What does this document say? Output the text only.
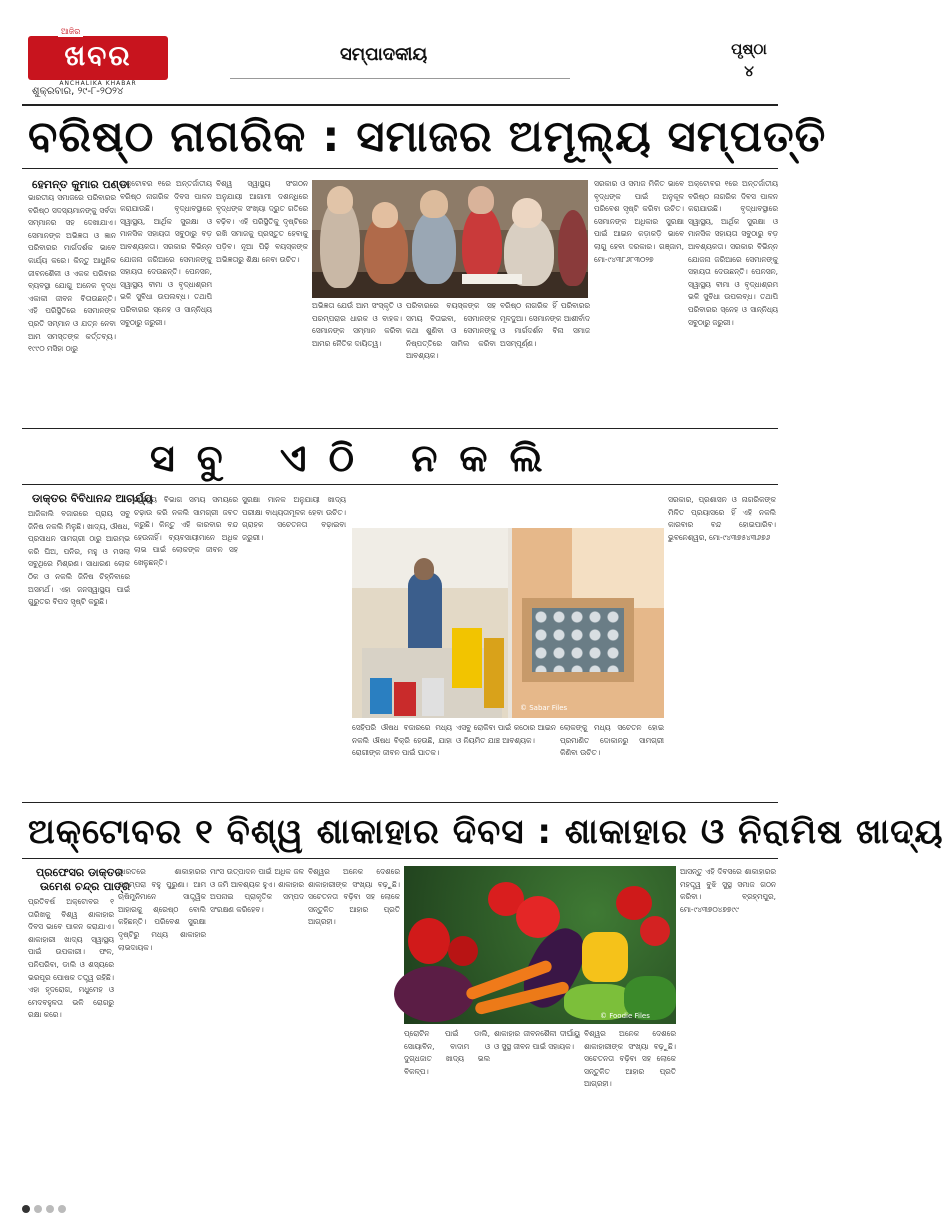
ଆଜିର
ଖବର
ANCHALIKA KHABAR
ଶୁକ୍ରବାର, ୨୯-୮-୨୦୨୪
ସମ୍ପାଦକୀୟ	ପୃଷ୍ଠା
୪
ବରିଷ୍ଠ ନାଗରିକ : ସମାଜର ଅମୂଲ୍ୟ ସମ୍ପତ୍ତି
ହେମନ୍ତ କୁମାର ପଣ୍ଡା
ଭାରତୀୟ ସମାଜରେ ପରିବାରର ବରିଷ୍ଠ ସଦସ୍ୟମାନଙ୍କୁ ସର୍ବଦା ସମ୍ମାନର ସହ ଦେଖାଯାଏ। ସେମାନଙ୍କ ଅଭିଜ୍ଞତା ଓ ଜ୍ଞାନ ପରିବାରର ମାର୍ଗଦର୍ଶକ ଭାବେ କାର୍ଯ୍ୟ କରେ। କିନ୍ତୁ ଆଧୁନିକ ଜୀବନଶୈଳୀ ଓ ଏକକ ପରିବାର ବ୍ୟବସ୍ଥା ଯୋଗୁ ଅନେକ ବୃଦ୍ଧ ଏକାକୀ ଜୀବନ ବିତାଉଛନ୍ତି। ଏହି ପରିସ୍ଥିତିରେ ସେମାନଙ୍କ ପ୍ରତି ସମ୍ମାନ ଓ ଯତ୍ନ ନେବା ଆମ ସମସ୍ତଙ୍କ କର୍ତ୍ତବ୍ୟ। ୧୯୯୦ ମସିହା ଠାରୁ
ଅକ୍ଟୋବର ୧ରେ ଅନ୍ତର୍ଜାତୀୟ ବରିଷ୍ଠ ନାଗରିକ ଦିବସ ପାଳନ କରାଯାଉଛି। ବୃଦ୍ଧାବସ୍ଥାରେ ସ୍ୱାସ୍ଥ୍ୟ, ଆର୍ଥିକ ସୁରକ୍ଷା ଓ ମାନସିକ ସହାୟତା ସବୁଠାରୁ ବଡ଼ ଆବଶ୍ୟକତା। ସରକାର ବିଭିନ୍ନ ଯୋଜନା ଜରିଆରେ ସେମାନଙ୍କୁ ସହାୟତା ଦେଉଛନ୍ତି। ପେନସନ, ସ୍ୱାସ୍ଥ୍ୟ ବୀମା ଓ ବୃଦ୍ଧାଶ୍ରମ ଭଳି ସୁବିଧା ଉପଲବ୍ଧ। ତଥାପି ପରିବାରର ସ୍ନେହ ଓ ସାନ୍ନିଧ୍ୟ ସବୁଠାରୁ ଜରୁରୀ।
ବିଶ୍ୱ ସ୍ୱାସ୍ଥ୍ୟ ସଂଗଠନ ଅନୁଯାୟୀ ଆଗାମୀ ଦଶନ୍ଧିରେ ବୃଦ୍ଧଙ୍କ ସଂଖ୍ୟା ଦ୍ରୁତ ଗତିରେ ବଢ଼ିବ। ଏହି ପରିସ୍ଥିତିକୁ ଦୃଷ୍ଟିରେ ରଖି ସମାଜକୁ ପ୍ରସ୍ତୁତ ହେବାକୁ ପଡ଼ିବ। ନୂଆ ପିଢ଼ି ବୟସ୍କଙ୍କ ଅଭିଜ୍ଞତାରୁ ଶିକ୍ଷା ନେବା ଉଚିତ।
ଅଭିଜ୍ଞତା ଯେଉଁ ଆମ ସଂସ୍କୃତି ଓ ପରମ୍ପରାର ଧାରକ ଓ ବାହକ। ସେମାନଙ୍କ ସମ୍ମାନ କରିବା ଆମର ନୈତିକ ଦାୟିତ୍ୱ।
ପରିବାରରେ ବୟସ୍କଙ୍କ ସହ ସମୟ ବିତାଇବା, ସେମାନଙ୍କ କଥା ଶୁଣିବା ଓ ସେମାନଙ୍କୁ ନିଷ୍ପତ୍ତିରେ ସାମିଲ କରିବା ଆବଶ୍ୟକ।
ବରିଷ୍ଠ ନାଗରିକ ହିଁ ପରିବାରର ମୂଳଦୁଆ। ସେମାନଙ୍କ ଆଶୀର୍ବାଦ ଓ ମାର୍ଗଦର୍ଶନ ବିନା ସମାଜ ଅସମ୍ପୂର୍ଣ୍ଣ।
ସରକାର ଓ ସମାଜ ମିଳିତ ଭାବେ ବୃଦ୍ଧଙ୍କ ପାଇଁ ଅନୁକୂଳ ପରିବେଶ ସୃଷ୍ଟି କରିବା ଉଚିତ। ସେମାନଙ୍କ ଅଧିକାର ସୁରକ୍ଷା ପାଇଁ ଆଇନ କଡ଼ାକଡ଼ି ଭାବେ ଲାଗୁ ହେବା ଦରକାର। ଗଞ୍ଜାମ, ମୋ-୯୪୩୮୬୮୩୦୨୭
ଅକ୍ଟୋବର ୧ରେ ଅନ୍ତର୍ଜାତୀୟ ବରିଷ୍ଠ ନାଗରିକ ଦିବସ ପାଳନ କରାଯାଉଛି। ବୃଦ୍ଧାବସ୍ଥାରେ ସ୍ୱାସ୍ଥ୍ୟ, ଆର୍ଥିକ ସୁରକ୍ଷା ଓ ମାନସିକ ସହାୟତା ସବୁଠାରୁ ବଡ଼ ଆବଶ୍ୟକତା। ସରକାର ବିଭିନ୍ନ ଯୋଜନା ଜରିଆରେ ସେମାନଙ୍କୁ ସହାୟତା ଦେଉଛନ୍ତି। ପେନସନ, ସ୍ୱାସ୍ଥ୍ୟ ବୀମା ଓ ବୃଦ୍ଧାଶ୍ରମ ଭଳି ସୁବିଧା ଉପଲବ୍ଧ। ତଥାପି ପରିବାରର ସ୍ନେହ ଓ ସାନ୍ନିଧ୍ୟ ସବୁଠାରୁ ଜରୁରୀ।
ସବୁ ଏଠି ନକଲି
ଡାକ୍ତର ବିବିଧାନନ୍ଦ ଆଚାର୍ଯ୍ୟ
ଆଜିକାଲି ବଜାରରେ ପ୍ରାୟ ସବୁ ଜିନିଷ ନକଲି ମିଳୁଛି। ଖାଦ୍ୟ, ଔଷଧ, ପ୍ରସାଧନ ସାମଗ୍ରୀ ଠାରୁ ଆରମ୍ଭ କରି ଘିଅ, ପନିର, ମହୁ ଓ ମସଲା ସବୁଥିରେ ମିଶ୍ରଣ। ସାଧାରଣ ଲୋକ ଠିକ ଓ ନକଲି ଜିନିଷ ଚିହ୍ନିବାରେ ଅସମର୍ଥ। ଏହା ଜନସ୍ୱାସ୍ଥ୍ୟ ପାଇଁ ଗୁରୁତର ବିପଦ ସୃଷ୍ଟି କରୁଛି।
ସ୍ୱାସ୍ଥ୍ୟ ବିଭାଗ ସମୟ ସମୟରେ ଚଢ଼ାଉ କରି ନକଲି ସାମଗ୍ରୀ ଜବତ କରୁଛି। କିନ୍ତୁ ଏହି କାରବାର ବନ୍ଦ ହେଉନାହିଁ। ବ୍ୟବସାୟୀମାନେ ଅଧିକ ଲାଭ ପାଇଁ ଲୋକଙ୍କ ଜୀବନ ସହ ଖେଳୁଛନ୍ତି।
ସୁରକ୍ଷା ମାନକ ଅନୁଯାୟୀ ଖାଦ୍ୟ ପରୀକ୍ଷା ବାଧ୍ୟତାମୂଳକ ହେବା ଉଚିତ। ଗ୍ରାହକ ସଚେତନତା ବଢ଼ାଇବା ଜରୁରୀ।
© Sabar Files
ସେହିପରି ଔଷଧ ବଜାରରେ ମଧ୍ୟ ନକଲି ଔଷଧ ବିକ୍ରି ହେଉଛି, ଯାହା ରୋଗୀଙ୍କ ଜୀବନ ପାଇଁ ଘାତକ।
ଏସବୁ ରୋକିବା ପାଇଁ କଠୋର ଆଇନ ଓ ନିୟମିତ ଯାଞ୍ଚ ଆବଶ୍ୟକ।
ଲୋକଙ୍କୁ ମଧ୍ୟ ସଚେତନ ହୋଇ ପ୍ରମାଣିତ ଦୋକାନରୁ ସାମଗ୍ରୀ କିଣିବା ଉଚିତ।
ସରକାର, ପ୍ରଶାସନ ଓ ନାଗରିକଙ୍କ ମିଳିତ ପ୍ରୟାସରେ ହିଁ ଏହି ନକଲି କାରବାର ବନ୍ଦ ହୋଇପାରିବ। ଭୁବନେଶ୍ୱର, ମୋ-୯୪୩୭୫୪୩୬୭୬
ଅକ୍ଟୋବର ୧ ବିଶ୍ୱ ଶାକାହାର ଦିବସ : ଶାକାହାର ଓ ନିରାମିଷ ଖାଦ୍ୟ
ପ୍ରଫେସର ଡାକ୍ତର
ଉମେଶ ଚନ୍ଦ୍ର ପାତ୍ର
ପ୍ରତିବର୍ଷ ଅକ୍ଟୋବର ୧ ତାରିଖକୁ ବିଶ୍ୱ ଶାକାହାର ଦିବସ ଭାବେ ପାଳନ କରାଯାଏ। ଶାକାହାରୀ ଖାଦ୍ୟ ସ୍ୱାସ୍ଥ୍ୟ ପାଇଁ ଉପକାରୀ। ଫଳ, ପନିପରିବା, ଡାଲି ଓ ଶସ୍ୟରେ ଭରପୂର ପୋଷକ ତତ୍ତ୍ୱ ରହିଛି। ଏହା ହୃଦରୋଗ, ମଧୁମେହ ଓ ମେଦବହୁଳତା ଭଳି ରୋଗରୁ ରକ୍ଷା କରେ।
ଭାରତରେ ଶାକାହାରର ପରମ୍ପରା ବହୁ ପୁରୁଣା। ଆମ ଋଷିମୁନିମାନେ ସାତ୍ତ୍ୱିକ ଆହାରକୁ ଶ୍ରେଷ୍ଠ ବୋଲି କହିଛନ୍ତି। ପରିବେଶ ସୁରକ୍ଷା ଦୃଷ୍ଟିରୁ ମଧ୍ୟ ଶାକାହାର ଲାଭଦାୟକ।
ମାଂସ ଉତ୍ପାଦନ ପାଇଁ ଅଧିକ ଜଳ ଓ ଜମି ଆବଶ୍ୟକ ହୁଏ। ଶାକାହାର ଅପନାଇ ପ୍ରାକୃତିକ ସମ୍ପଦ ସଂରକ୍ଷଣ କରିହେବ।
ବିଶ୍ୱର ଅନେକ ଦେଶରେ ଶାକାହାରୀଙ୍କ ସଂଖ୍ୟା ବଢ଼ୁଛି। ସଚେତନତା ବଢ଼ିବା ସହ ଲୋକେ ସନ୍ତୁଳିତ ଆହାର ପ୍ରତି ଆଗ୍ରହୀ।
© Foodie Files
ପ୍ରୋଟିନ ପାଇଁ ଡାଲି, ସୋୟାବିନ, ବାଦାମ ଓ ଦୁଗ୍ଧଜାତ ଖାଦ୍ୟ ଭଲ ବିକଳ୍ପ।
ଶାକାହାର ଜୀବନଶୈଳୀ ଦୀର୍ଘାୟୁ ଓ ସୁସ୍ଥ ଜୀବନ ପାଇଁ ସହାୟକ।
ବିଶ୍ୱର ଅନେକ ଦେଶରେ ଶାକାହାରୀଙ୍କ ସଂଖ୍ୟା ବଢ଼ୁଛି। ସଚେତନତା ବଢ଼ିବା ସହ ଲୋକେ ସନ୍ତୁଳିତ ଆହାର ପ୍ରତି ଆଗ୍ରହୀ।
ଆସନ୍ତୁ ଏହି ଦିବସରେ ଶାକାହାରର ମହତ୍ତ୍ୱ ବୁଝି ସୁସ୍ଥ ସମାଜ ଗଠନ କରିବା। ବ୍ରହ୍ମପୁର, ମୋ-୯୪୩୭୦୪୭୭୯୯
